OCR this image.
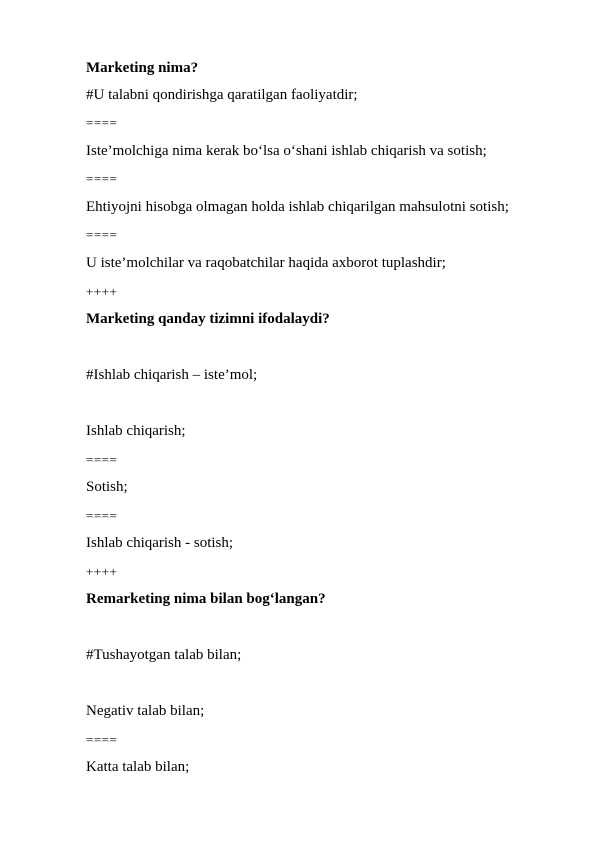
Marketing nima?
#U talabni qondirishga qaratilgan faoliyatdir;
====
Iste’molchiga nima kerak bo‘lsa o‘shani ishlab chiqarish va sotish;
====
Ehtiyojni hisobga olmagan holda ishlab chiqarilgan mahsulotni sotish;
====
U iste’molchilar va raqobatchilar haqida axborot tuplashdir;
++++
Marketing qanday tizimni ifodalaydi?
#Ishlab chiqarish – iste’mol;
Ishlab chiqarish;
====
Sotish;
====
Ishlab chiqarish - sotish;
++++
Remarketing nima bilan bog‘langan?
#Tushayotgan talab bilan;
Negativ talab bilan;
====
Katta talab bilan;
